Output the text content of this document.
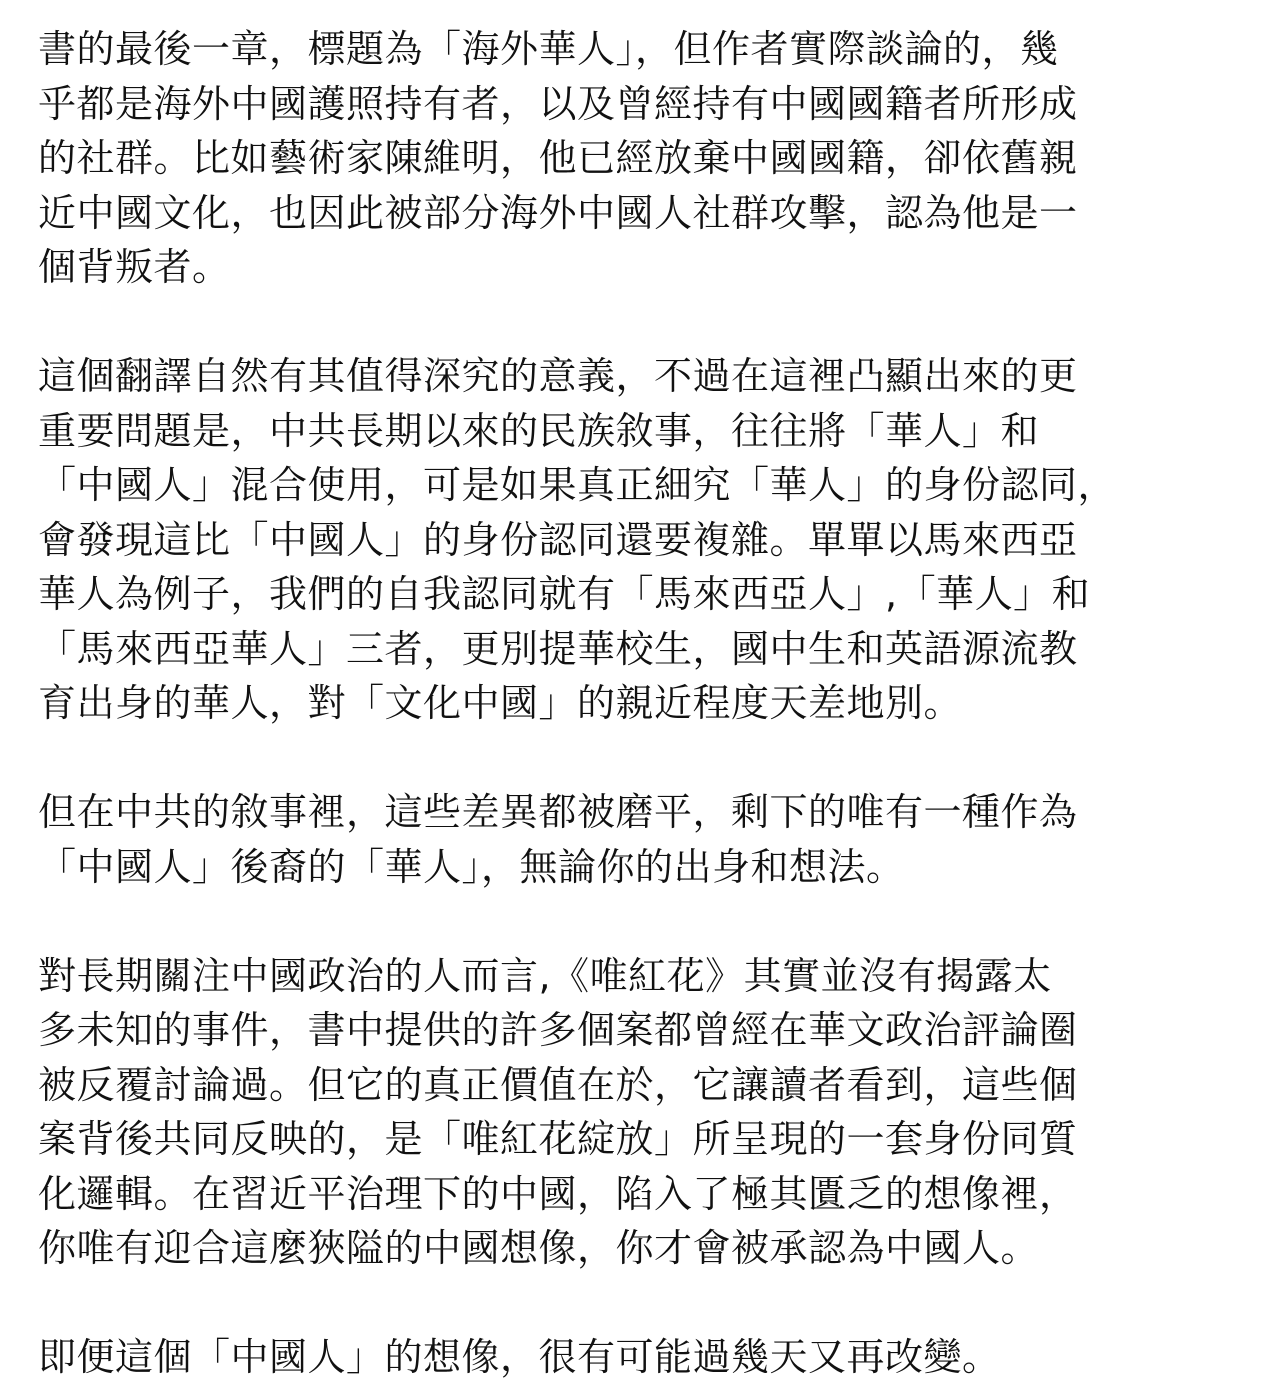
書的最後一章，標題為「海外華人」，但作者實際談論的，幾
乎都是海外中國護照持有者，以及曾經持有中國國籍者所形成
的社群。比如藝術家陳維明，他已經放棄中國國籍，卻依舊親
近中國文化，也因此被部分海外中國人社群攻擊，認為他是一
個背叛者。

這個翻譯自然有其值得深究的意義，不過在這裡凸顯出來的更
重要問題是，中共長期以來的民族敘事，往往將「華人」和
「中國人」混合使用，可是如果真正細究「華人」的身份認同，
會發現這比「中國人」的身份認同還要複雜。單單以馬來西亞
華人為例子，我們的自我認同就有「馬來西亞人」,「華人」和
「馬來西亞華人」三者，更別提華校生，國中生和英語源流教
育出身的華人，對「文化中國」的親近程度天差地別。

但在中共的敘事裡，這些差異都被磨平，剩下的唯有一種作為
「中國人」後裔的「華人」，無論你的出身和想法。

對長期關注中國政治的人而言,《唯紅花》其實並沒有揭露太
多未知的事件，書中提供的許多個案都曾經在華文政治評論圈
被反覆討論過。但它的真正價值在於，它讓讀者看到，這些個
案背後共同反映的，是「唯紅花綻放」所呈現的一套身份同質
化邏輯。在習近平治理下的中國，陷入了極其匱乏的想像裡，
你唯有迎合這麼狹隘的中國想像，你才會被承認為中國人。

即便這個「中國人」的想像，很有可能過幾天又再改變。
